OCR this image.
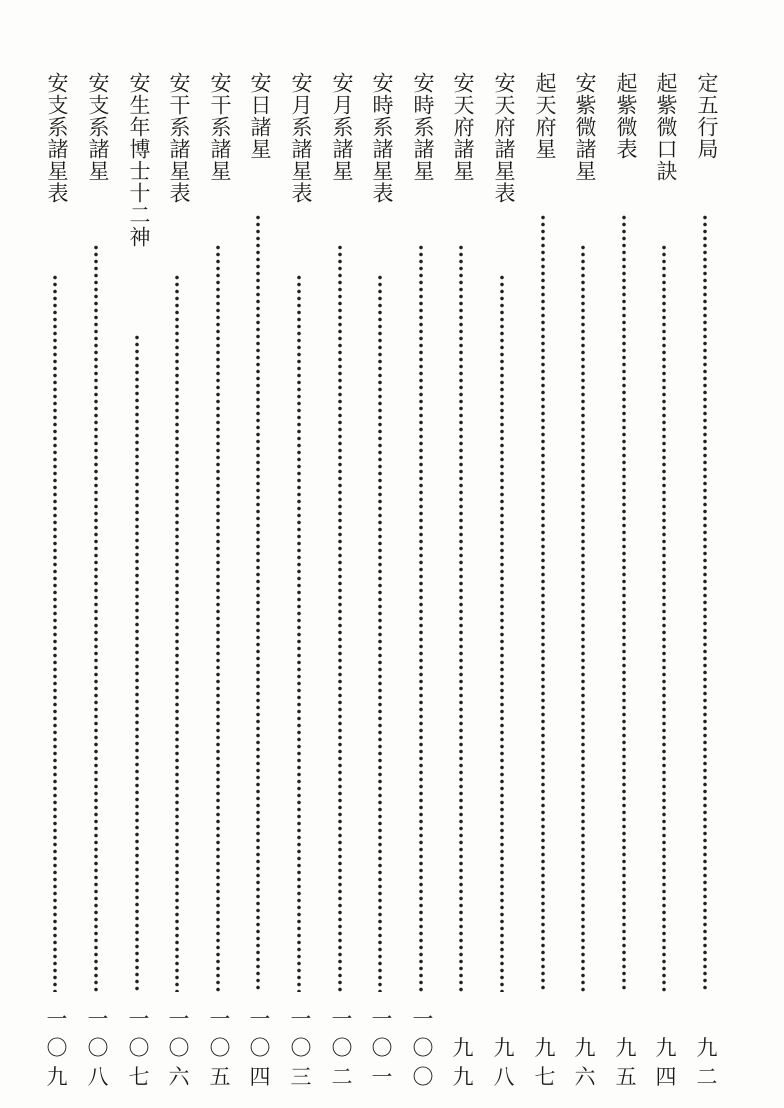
定五行局
九
二
起紫微口訣
九
四
起紫微表
九
五
安紫微諸星
九
六
起天府星
九
七
安天府諸星表
九
八
安天府諸星
九
九
安時系諸星
一
〇
〇
安時系諸星表
一
〇
一
安月系諸星
一
〇
二
安月系諸星表
一
〇
三
安日諸星
一
〇
四
安干系諸星
一
〇
五
安干系諸星表
一
〇
六
安生年博士十二神
一
〇
七
安支系諸星
一
〇
八
安支系諸星表
一
〇
九
